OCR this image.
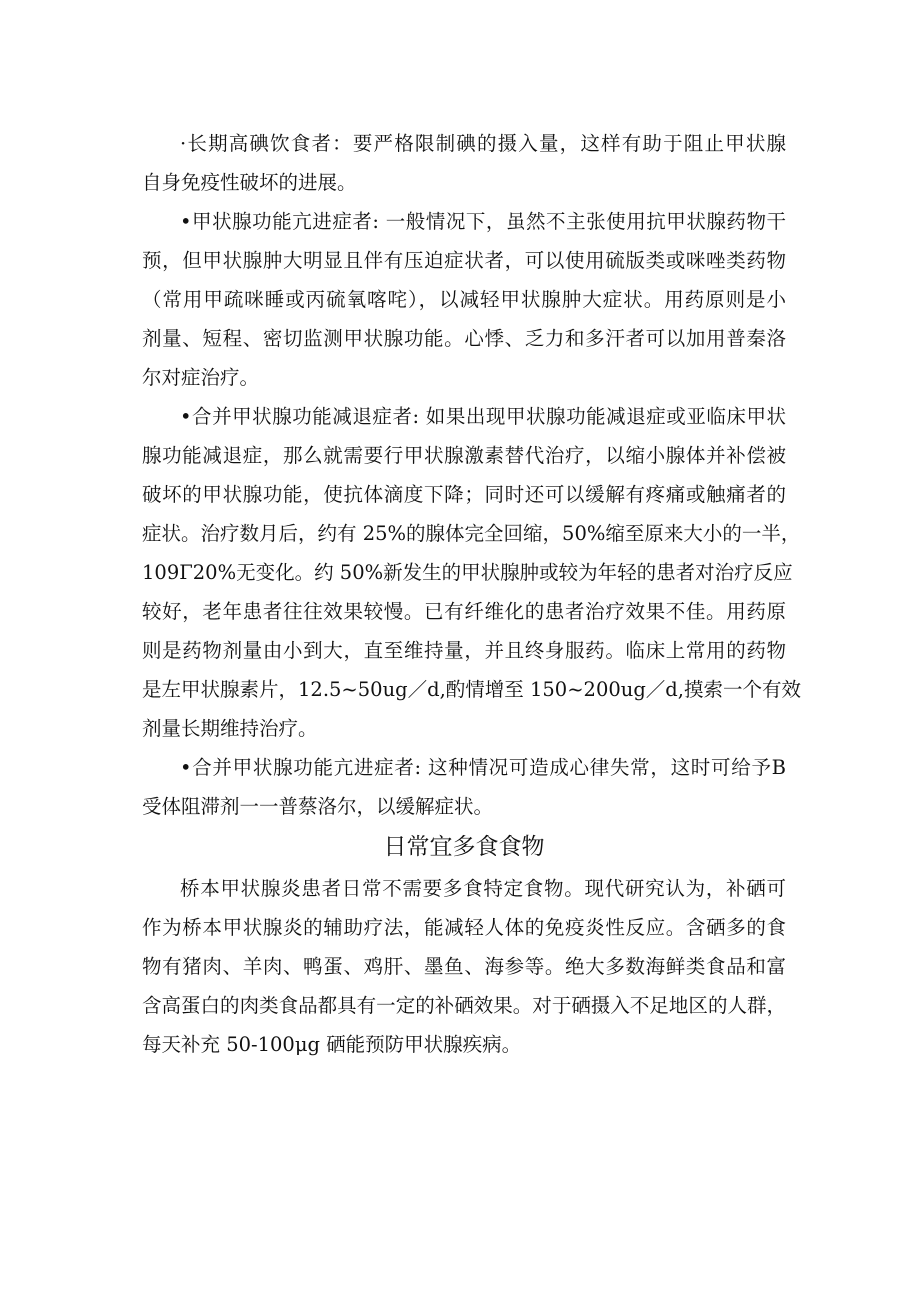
·长期高碘饮食者：要严格限制碘的摄入量，这样有助于阻止甲状腺
自身免疫性破坏的进展。
•甲状腺功能亢进症者: 一般情况下，虽然不主张使用抗甲状腺药物干
预，但甲状腺肿大明显且伴有压迫症状者，可以使用硫版类或咪唑类药物
（常用甲疏咪睡或丙硫氧喀咤），以减轻甲状腺肿大症状。用药原则是小
剂量、短程、密切监测甲状腺功能。心悸、乏力和多汗者可以加用普秦洛
尔对症治疗。
•合并甲状腺功能减退症者: 如果出现甲状腺功能减退症或亚临床甲状
腺功能减退症，那么就需要行甲状腺激素替代治疗，以缩小腺体并补偿被
破坏的甲状腺功能，使抗体滴度下降；同时还可以缓解有疼痛或触痛者的
症状。治疗数月后，约有 25%的腺体完全回缩，50%缩至原来大小的一半，
109Γ20%无变化。约 50%新发生的甲状腺肿或较为年轻的患者对治疗反应
较好，老年患者往往效果较慢。已有纤维化的患者治疗效果不佳。用药原
则是药物剂量由小到大，直至维持量，并且终身服药。临床上常用的药物
是左甲状腺素片，12.5~50ug／d,酌情增至 150~200ug／d,摸索一个有效
剂量长期维持治疗。
•合并甲状腺功能亢进症者: 这种情况可造成心律失常，这时可给予Β
受体阻滞剂一一普蔡洛尔，以缓解症状。
日常宜多食食物
桥本甲状腺炎患者日常不需要多食特定食物。现代研究认为，补硒可
作为桥本甲状腺炎的辅助疗法，能减轻人体的免疫炎性反应。含硒多的食
物有猪肉、羊肉、鸭蛋、鸡肝、墨鱼、海参等。绝大多数海鲜类食品和富
含高蛋白的肉类食品都具有一定的补硒效果。对于硒摄入不足地区的人群，
每天补充 50-100μg 硒能预防甲状腺疾病。
